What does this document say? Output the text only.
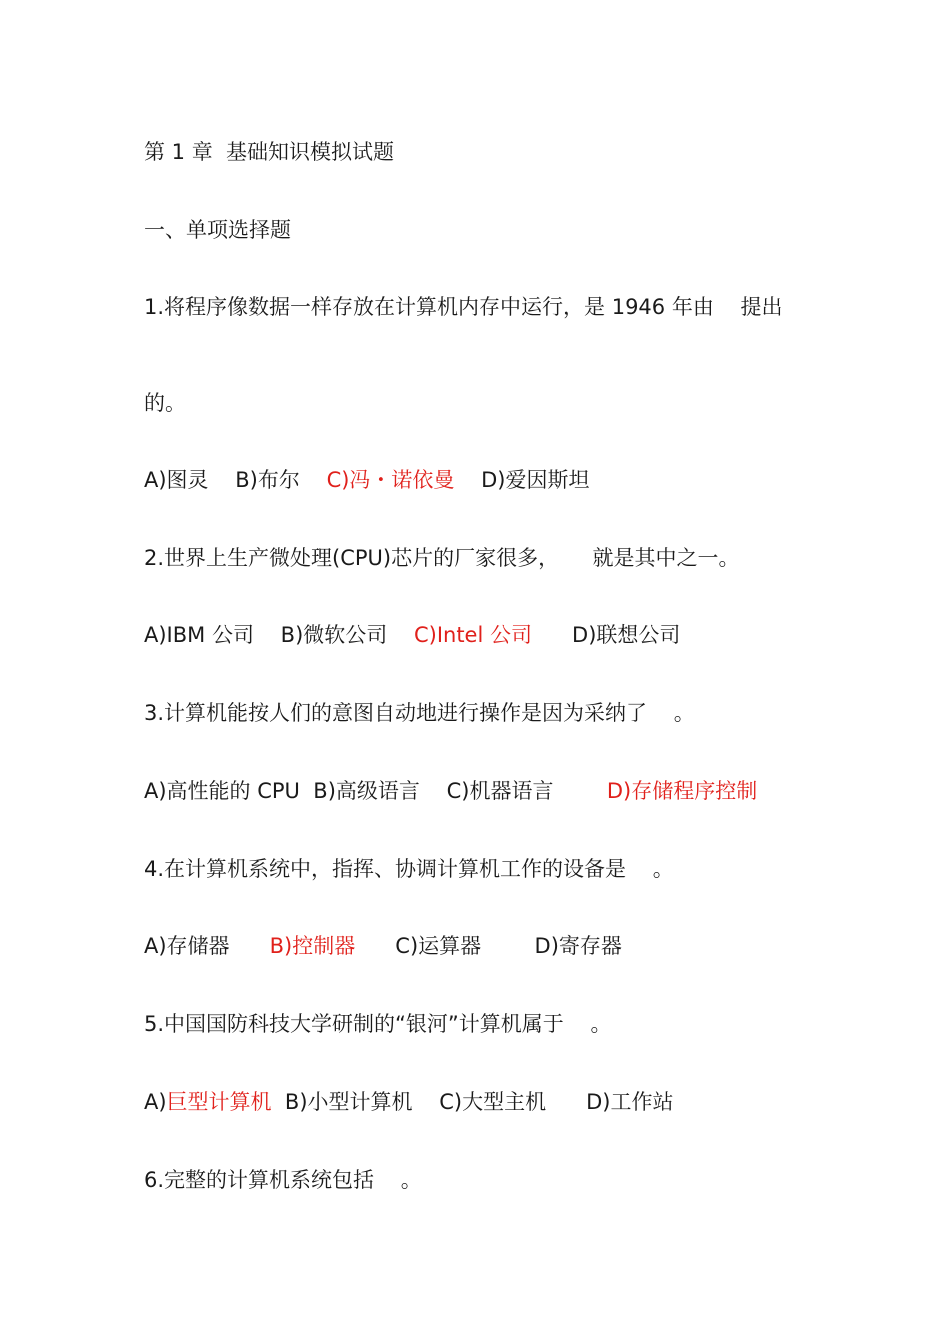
第 1 章  基础知识模拟试题

一、单项选择题

1.将程序像数据一样存放在计算机内存中运行，是 1946 年由    提出

的。

A)图灵    B)布尔    C)冯・诺依曼    D)爱因斯坦

2.世界上生产微处理(CPU)芯片的厂家很多，     就是其中之一。

A)IBM 公司    B)微软公司    C)Intel 公司      D)联想公司

3.计算机能按人们的意图自动地进行操作是因为采纳了    。

A)高性能的 CPU  B)高级语言    C)机器语言        D)存储程序控制

4.在计算机系统中，指挥、协调计算机工作的设备是    。

A)存储器      B)控制器      C)运算器        D)寄存器

5.中国国防科技大学研制的“银河”计算机属于    。

A)巨型计算机  B)小型计算机    C)大型主机      D)工作站

6.完整的计算机系统包括    。
